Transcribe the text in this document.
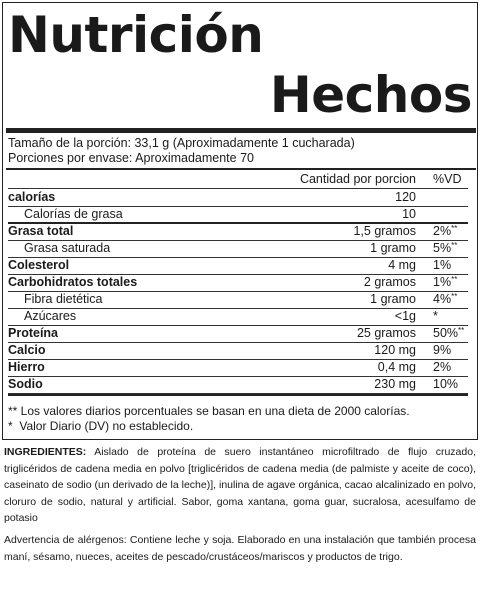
Nutrición
Hechos
Tamaño de la porción: 33,1 g (Aproximadamente 1 cucharada)
Porciones por envase: Aproximadamente 70
Cantidad por porcion %VD
calorías	120
Calorías de grasa	10
Grasa total	1,5 gramos 2%**
Grasa saturada	1 gramo 5%**
Colesterol	4 mg 1%
Carbohidratos totales	2 gramos 1%**
Fibra dietética	1 gramo 4%**
Azúcares	<1g *
Proteína	25 gramos 50%**
Calcio	120 mg 9%
Hierro	0,4 mg 2%
Sodio	230 mg 10%
** Los valores diarios porcentuales se basan en una dieta de 2000 calorías.
*  Valor Diario (DV) no establecido.
INGREDIENTES: Aislado de proteína de suero instantáneo microfiltrado de flujo cruzado, triglicéridos de cadena media en polvo [triglicéridos de cadena media (de palmiste y aceite de coco), caseinato de sodio (un derivado de la leche)], inulina de agave orgánica, cacao alcalinizado en polvo, cloruro de sodio, natural y artificial. Sabor, goma xantana, goma guar, sucralosa, acesulfamo de potasio
Advertencia de alérgenos: Contiene leche y soja. Elaborado en una instalación que también procesa maní, sésamo, nueces, aceites de pescado/crustáceos/mariscos y productos de trigo.
